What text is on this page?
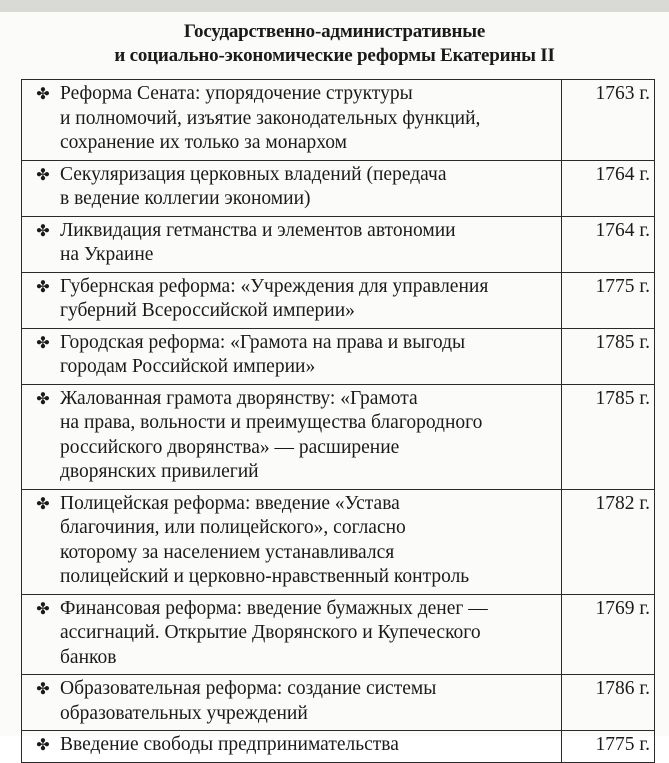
Государственно-административные
и социально-экономические реформы Екатерины II
✤ Реформа Сената: упорядочение структуры
и полномочий, изъятие законодательных функций,
сохранение их только за монархом	1763 г.

✤ Секуляризация церковных владений (передача
в ведение коллегии экономии)	1764 г.

✤ Ликвидация гетманства и элементов автономии
на Украине	1764 г.

✤ Губернская реформа: «Учреждения для управления
губерний Всероссийской империи»	1775 г.

✤ Городская реформа: «Грамота на права и выгоды
городам Российской империи»	1785 г.

✤ Жалованная грамота дворянству: «Грамота
на права, вольности и преимущества благородного
российского дворянства» — расширение
дворянских привилегий	1785 г.

✤ Полицейская реформа: введение «Устава
благочиния, или полицейского», согласно
которому за населением устанавливался
полицейский и церковно-нравственный контроль	1782 г.

✤ Финансовая реформа: введение бумажных денег —
ассигнаций. Открытие Дворянского и Купеческого
банков	1769 г.

✤ Образовательная реформа: создание системы
образовательных учреждений	1786 г.

✤ Введение свободы предпринимательства	1775 г.
